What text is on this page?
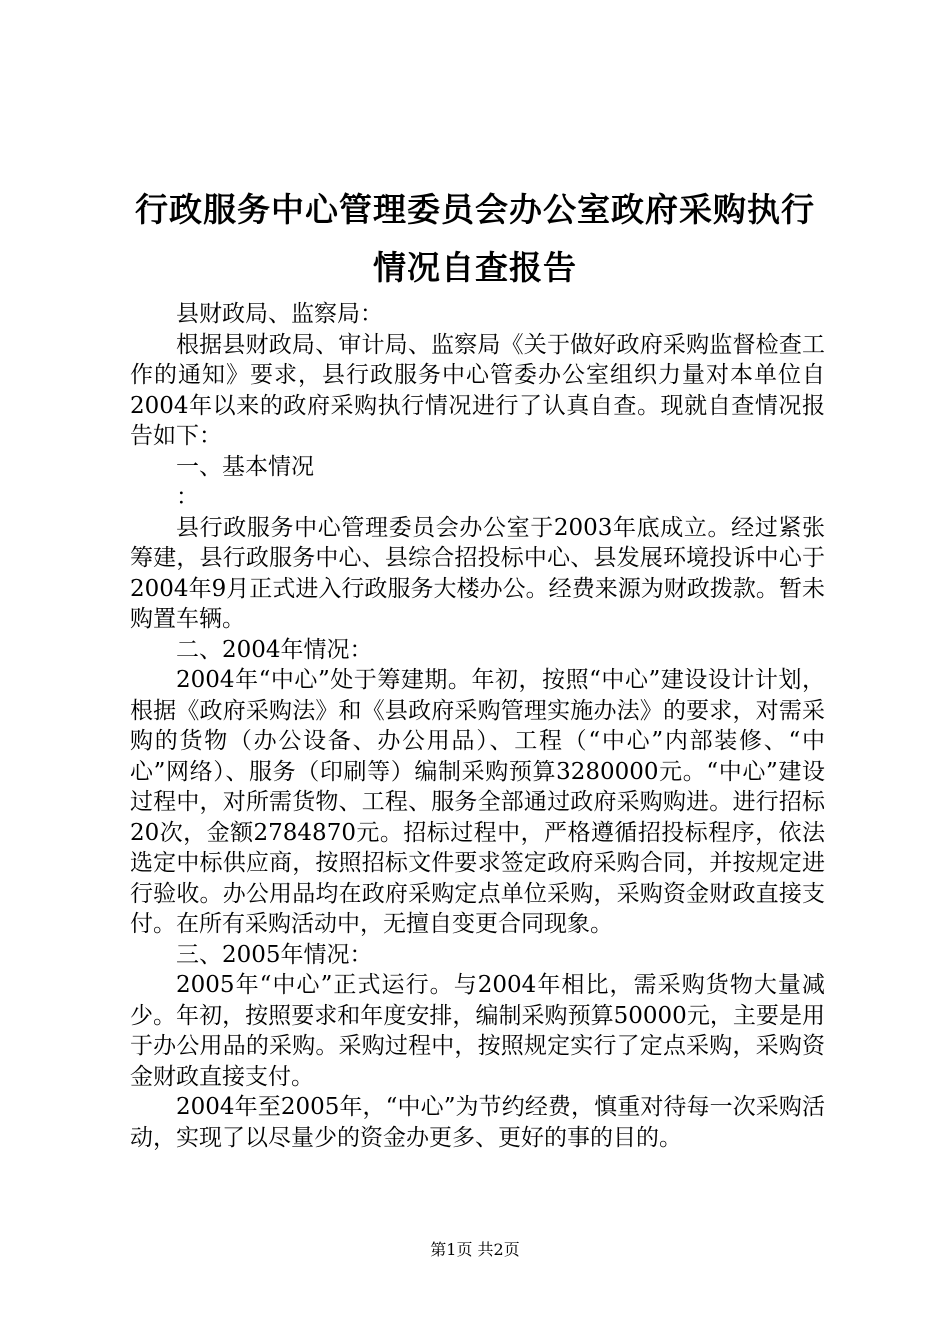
行政服务中心管理委员会办公室政府采购执行
情况自查报告

县财政局、监察局：

根据县财政局、审计局、监察局《关于做好政府采购监督检查工作的通知》要求，县行政服务中心管委办公室组织力量对本单位自2004年以来的政府采购执行情况进行了认真自查。现就自查情况报告如下：

一、基本情况

：

县行政服务中心管理委员会办公室于2003年底成立。经过紧张筹建，县行政服务中心、县综合招投标中心、县发展环境投诉中心于2004年9月正式进入行政服务大楼办公。经费来源为财政拨款。暂未购置车辆。

二、2004年情况：

2004年“中心”处于筹建期。年初，按照“中心”建设设计计划，根据《政府采购法》和《县政府采购管理实施办法》的要求，对需采购的货物（办公设备、办公用品）、工程（“中心”内部装修、“中心”网络）、服务（印刷等）编制采购预算3280000元。“中心”建设过程中，对所需货物、工程、服务全部通过政府采购购进。进行招标20次，金额2784870元。招标过程中，严格遵循招投标程序，依法选定中标供应商，按照招标文件要求签定政府采购合同，并按规定进行验收。办公用品均在政府采购定点单位采购，采购资金财政直接支付。在所有采购活动中，无擅自变更合同现象。

三、2005年情况：

2005年“中心”正式运行。与2004年相比，需采购货物大量减少。年初，按照要求和年度安排，编制采购预算50000元，主要是用于办公用品的采购。采购过程中，按照规定实行了定点采购，采购资金财政直接支付。

2004年至2005年，“中心”为节约经费，慎重对待每一次采购活动，实现了以尽量少的资金办更多、更好的事的目的。

第1页 共2页
